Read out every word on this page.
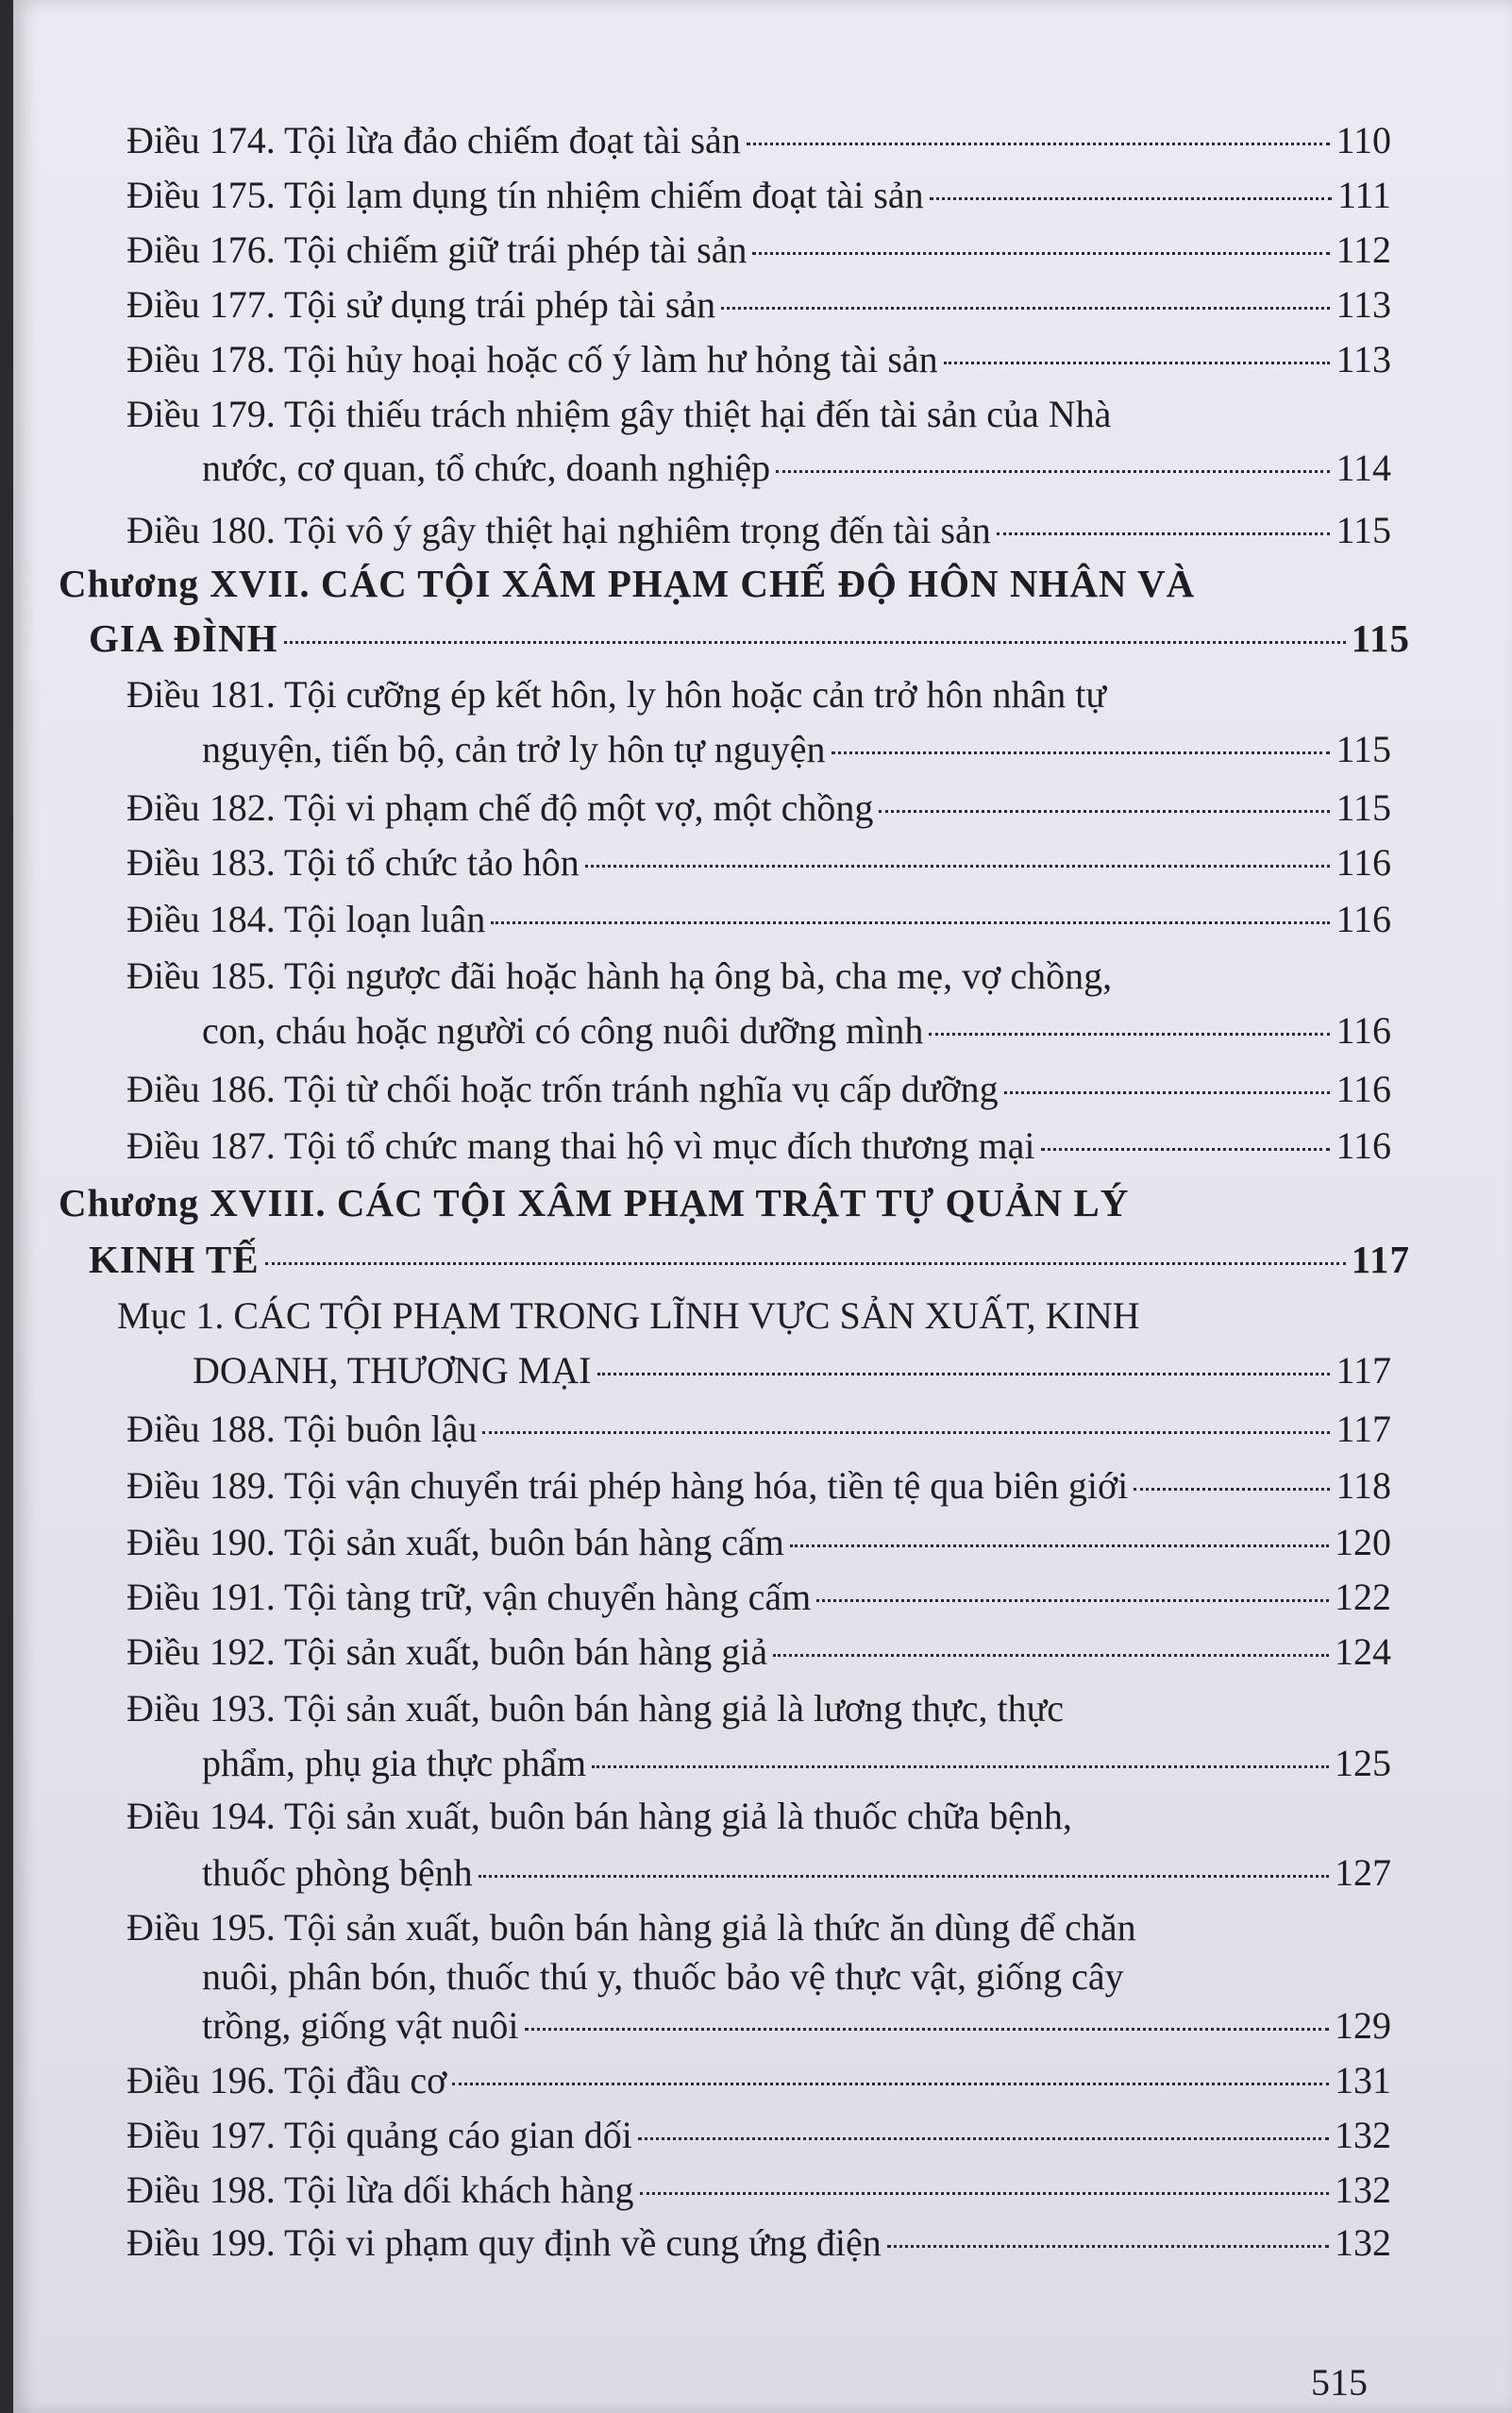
Điều 174. Tội lừa đảo chiếm đoạt tài sản	110
Điều 175. Tội lạm dụng tín nhiệm chiếm đoạt tài sản	111
Điều 176. Tội chiếm giữ trái phép tài sản	112
Điều 177. Tội sử dụng trái phép tài sản	113
Điều 178. Tội hủy hoại hoặc cố ý làm hư hỏng tài sản	113
Điều 179. Tội thiếu trách nhiệm gây thiệt hại đến tài sản của Nhà
nước, cơ quan, tổ chức, doanh nghiệp	114
Điều 180. Tội vô ý gây thiệt hại nghiêm trọng đến tài sản	115
Chương XVII. CÁC TỘI XÂM PHẠM CHẾ ĐỘ HÔN NHÂN VÀ
GIA ĐÌNH	115
Điều 181. Tội cưỡng ép kết hôn, ly hôn hoặc cản trở hôn nhân tự
nguyện, tiến bộ, cản trở ly hôn tự nguyện	115
Điều 182. Tội vi phạm chế độ một vợ, một chồng	115
Điều 183. Tội tổ chức tảo hôn	116
Điều 184. Tội loạn luân	116
Điều 185. Tội ngược đãi hoặc hành hạ ông bà, cha mẹ, vợ chồng,
con, cháu hoặc người có công nuôi dưỡng mình	116
Điều 186. Tội từ chối hoặc trốn tránh nghĩa vụ cấp dưỡng	116
Điều 187. Tội tổ chức mang thai hộ vì mục đích thương mại	116
Chương XVIII. CÁC TỘI XÂM PHẠM TRẬT TỰ QUẢN LÝ
KINH TẾ	117
Mục 1. CÁC TỘI PHẠM TRONG LĨNH VỰC SẢN XUẤT, KINH
DOANH, THƯƠNG MẠI	117
Điều 188. Tội buôn lậu	117
Điều 189. Tội vận chuyển trái phép hàng hóa, tiền tệ qua biên giới	118
Điều 190. Tội sản xuất, buôn bán hàng cấm	120
Điều 191. Tội tàng trữ, vận chuyển hàng cấm	122
Điều 192. Tội sản xuất, buôn bán hàng giả	124
Điều 193. Tội sản xuất, buôn bán hàng giả là lương thực, thực
phẩm, phụ gia thực phẩm	125
Điều 194. Tội sản xuất, buôn bán hàng giả là thuốc chữa bệnh,
thuốc phòng bệnh	127
Điều 195. Tội sản xuất, buôn bán hàng giả là thức ăn dùng để chăn
nuôi, phân bón, thuốc thú y, thuốc bảo vệ thực vật, giống cây
trồng, giống vật nuôi	129
Điều 196. Tội đầu cơ	131
Điều 197. Tội quảng cáo gian dối	132
Điều 198. Tội lừa dối khách hàng	132
Điều 199. Tội vi phạm quy định về cung ứng điện	132
515
